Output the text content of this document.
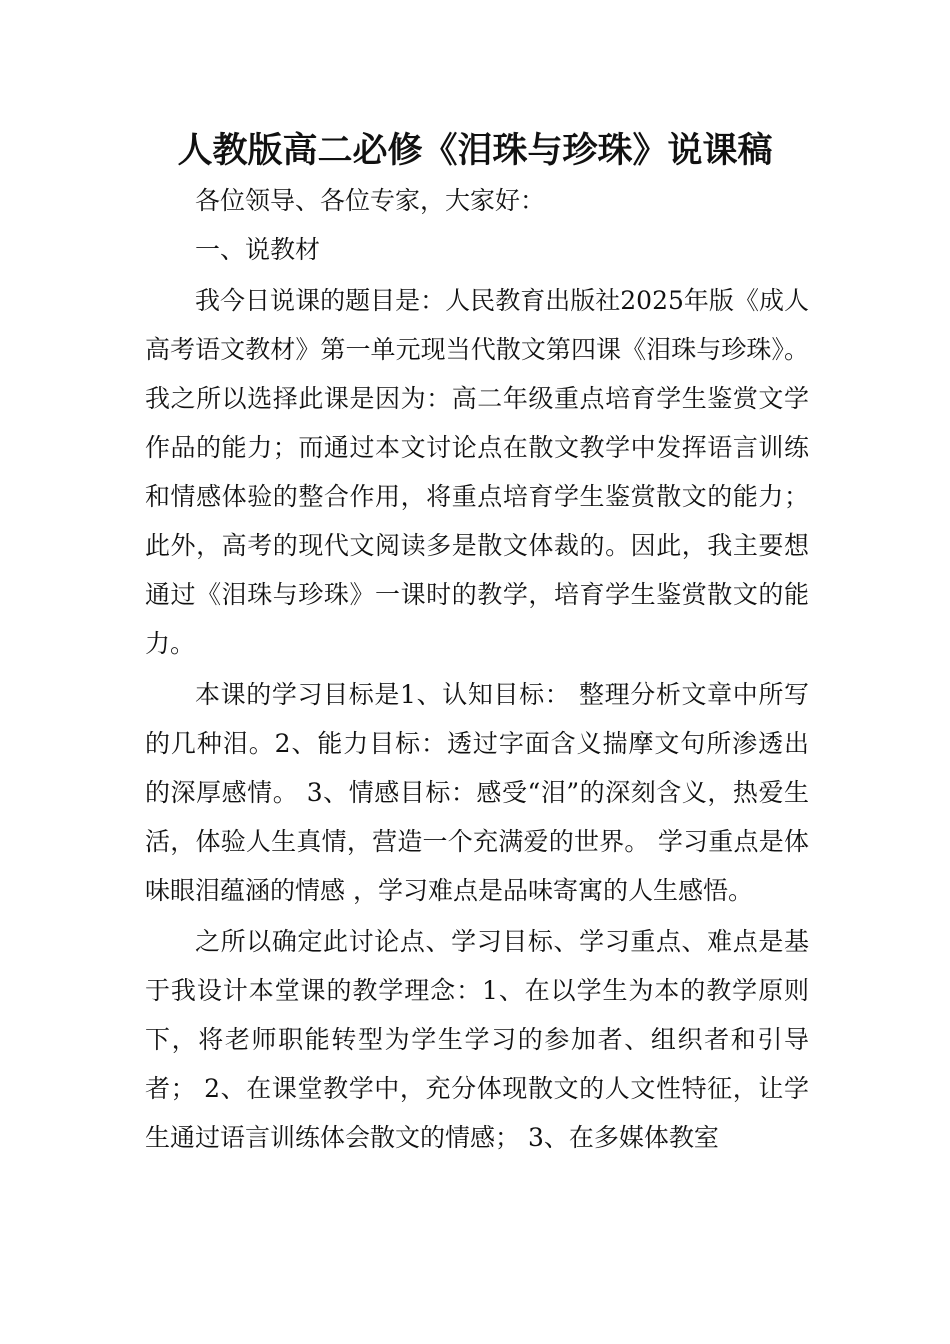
人教版高二必修《泪珠与珍珠》说课稿

各位领导、各位专家，大家好：

一、说教材

我今日说课的题目是：人民教育出版社2025年版《成人高考语文教材》第一单元现当代散文第四课《泪珠与珍珠》。我之所以选择此课是因为：高二年级重点培育学生鉴赏文学作品的能力；而通过本文讨论点在散文教学中发挥语言训练和情感体验的整合作用，将重点培育学生鉴赏散文的能力；此外，高考的现代文阅读多是散文体裁的。因此，我主要想通过《泪珠与珍珠》一课时的教学，培育学生鉴赏散文的能力。

本课的学习目标是1、认知目标： 整理分析文章中所写的几种泪。2、能力目标：透过字面含义揣摩文句所渗透出的深厚感情。 3、情感目标：感受“泪”的深刻含义，热爱生活，体验人生真情，营造一个充满爱的世界。 学习重点是体味眼泪蕴涵的情感 ，学习难点是品味寄寓的人生感悟。

之所以确定此讨论点、学习目标、学习重点、难点是基于我设计本堂课的教学理念：1、在以学生为本的教学原则下，将老师职能转型为学生学习的参加者、组织者和引导者； 2、在课堂教学中，充分体现散文的人文性特征，让学生通过语言训练体会散文的情感； 3、在多媒体教室
